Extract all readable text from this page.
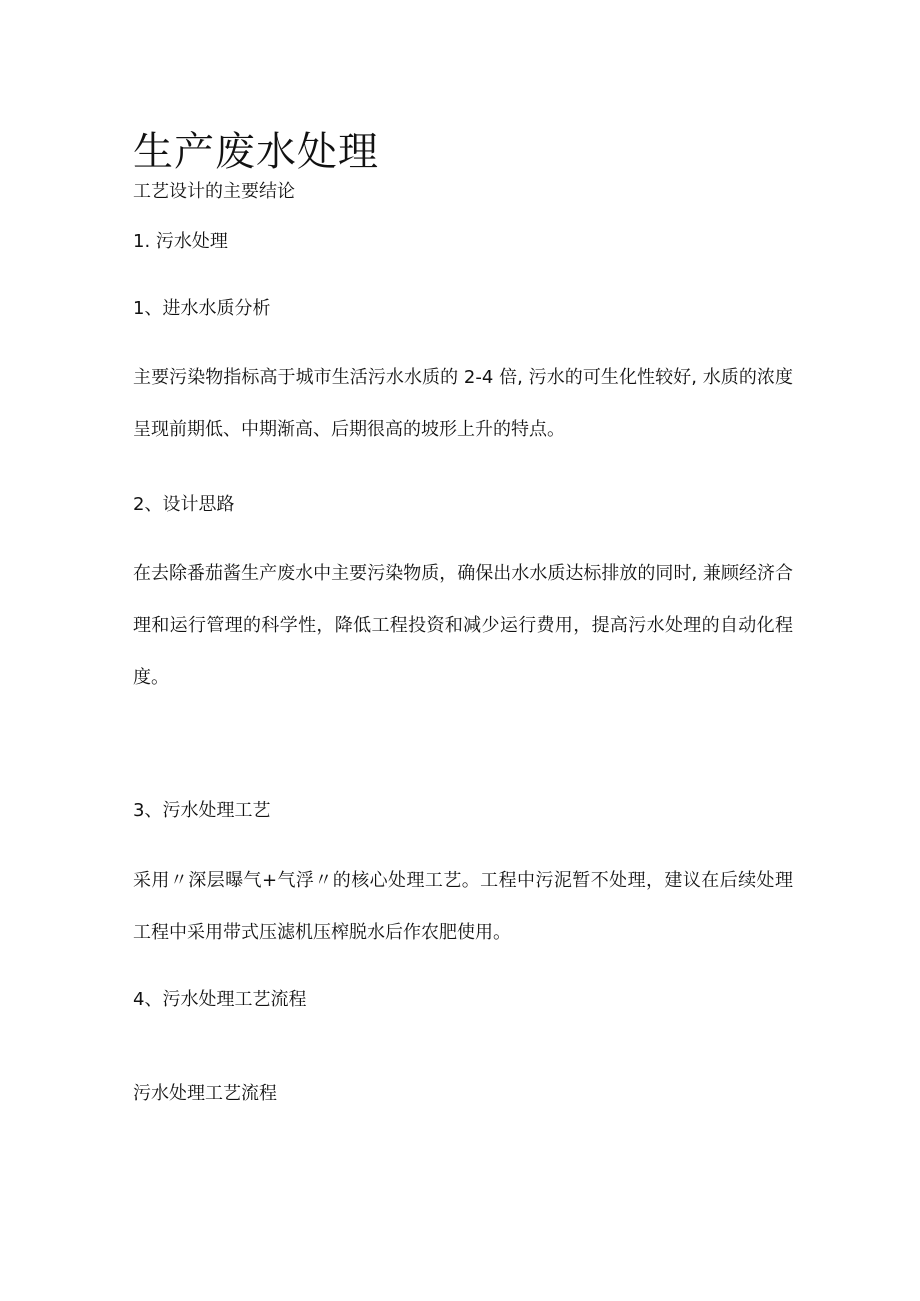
生产废水处理
工艺设计的主要结论
1. 污水处理
1、进水水质分析
主要污染物指标高于城市生活污水水质的 2-4 倍, 污水的可生化性较好, 水质的浓度呈现前期低、中期渐高、后期很高的坡形上升的特点。
2、设计思路
在去除番茄酱生产废水中主要污染物质，确保出水水质达标排放的同时, 兼顾经济合理和运行管理的科学性，降低工程投资和减少运行费用，提高污水处理的自动化程度。
3、污水处理工艺
采用〃深层曝气+气浮〃的核心处理工艺。工程中污泥暂不处理，建议在后续处理工程中采用带式压滤机压榨脱水后作农肥使用。
4、污水处理工艺流程
污水处理工艺流程
